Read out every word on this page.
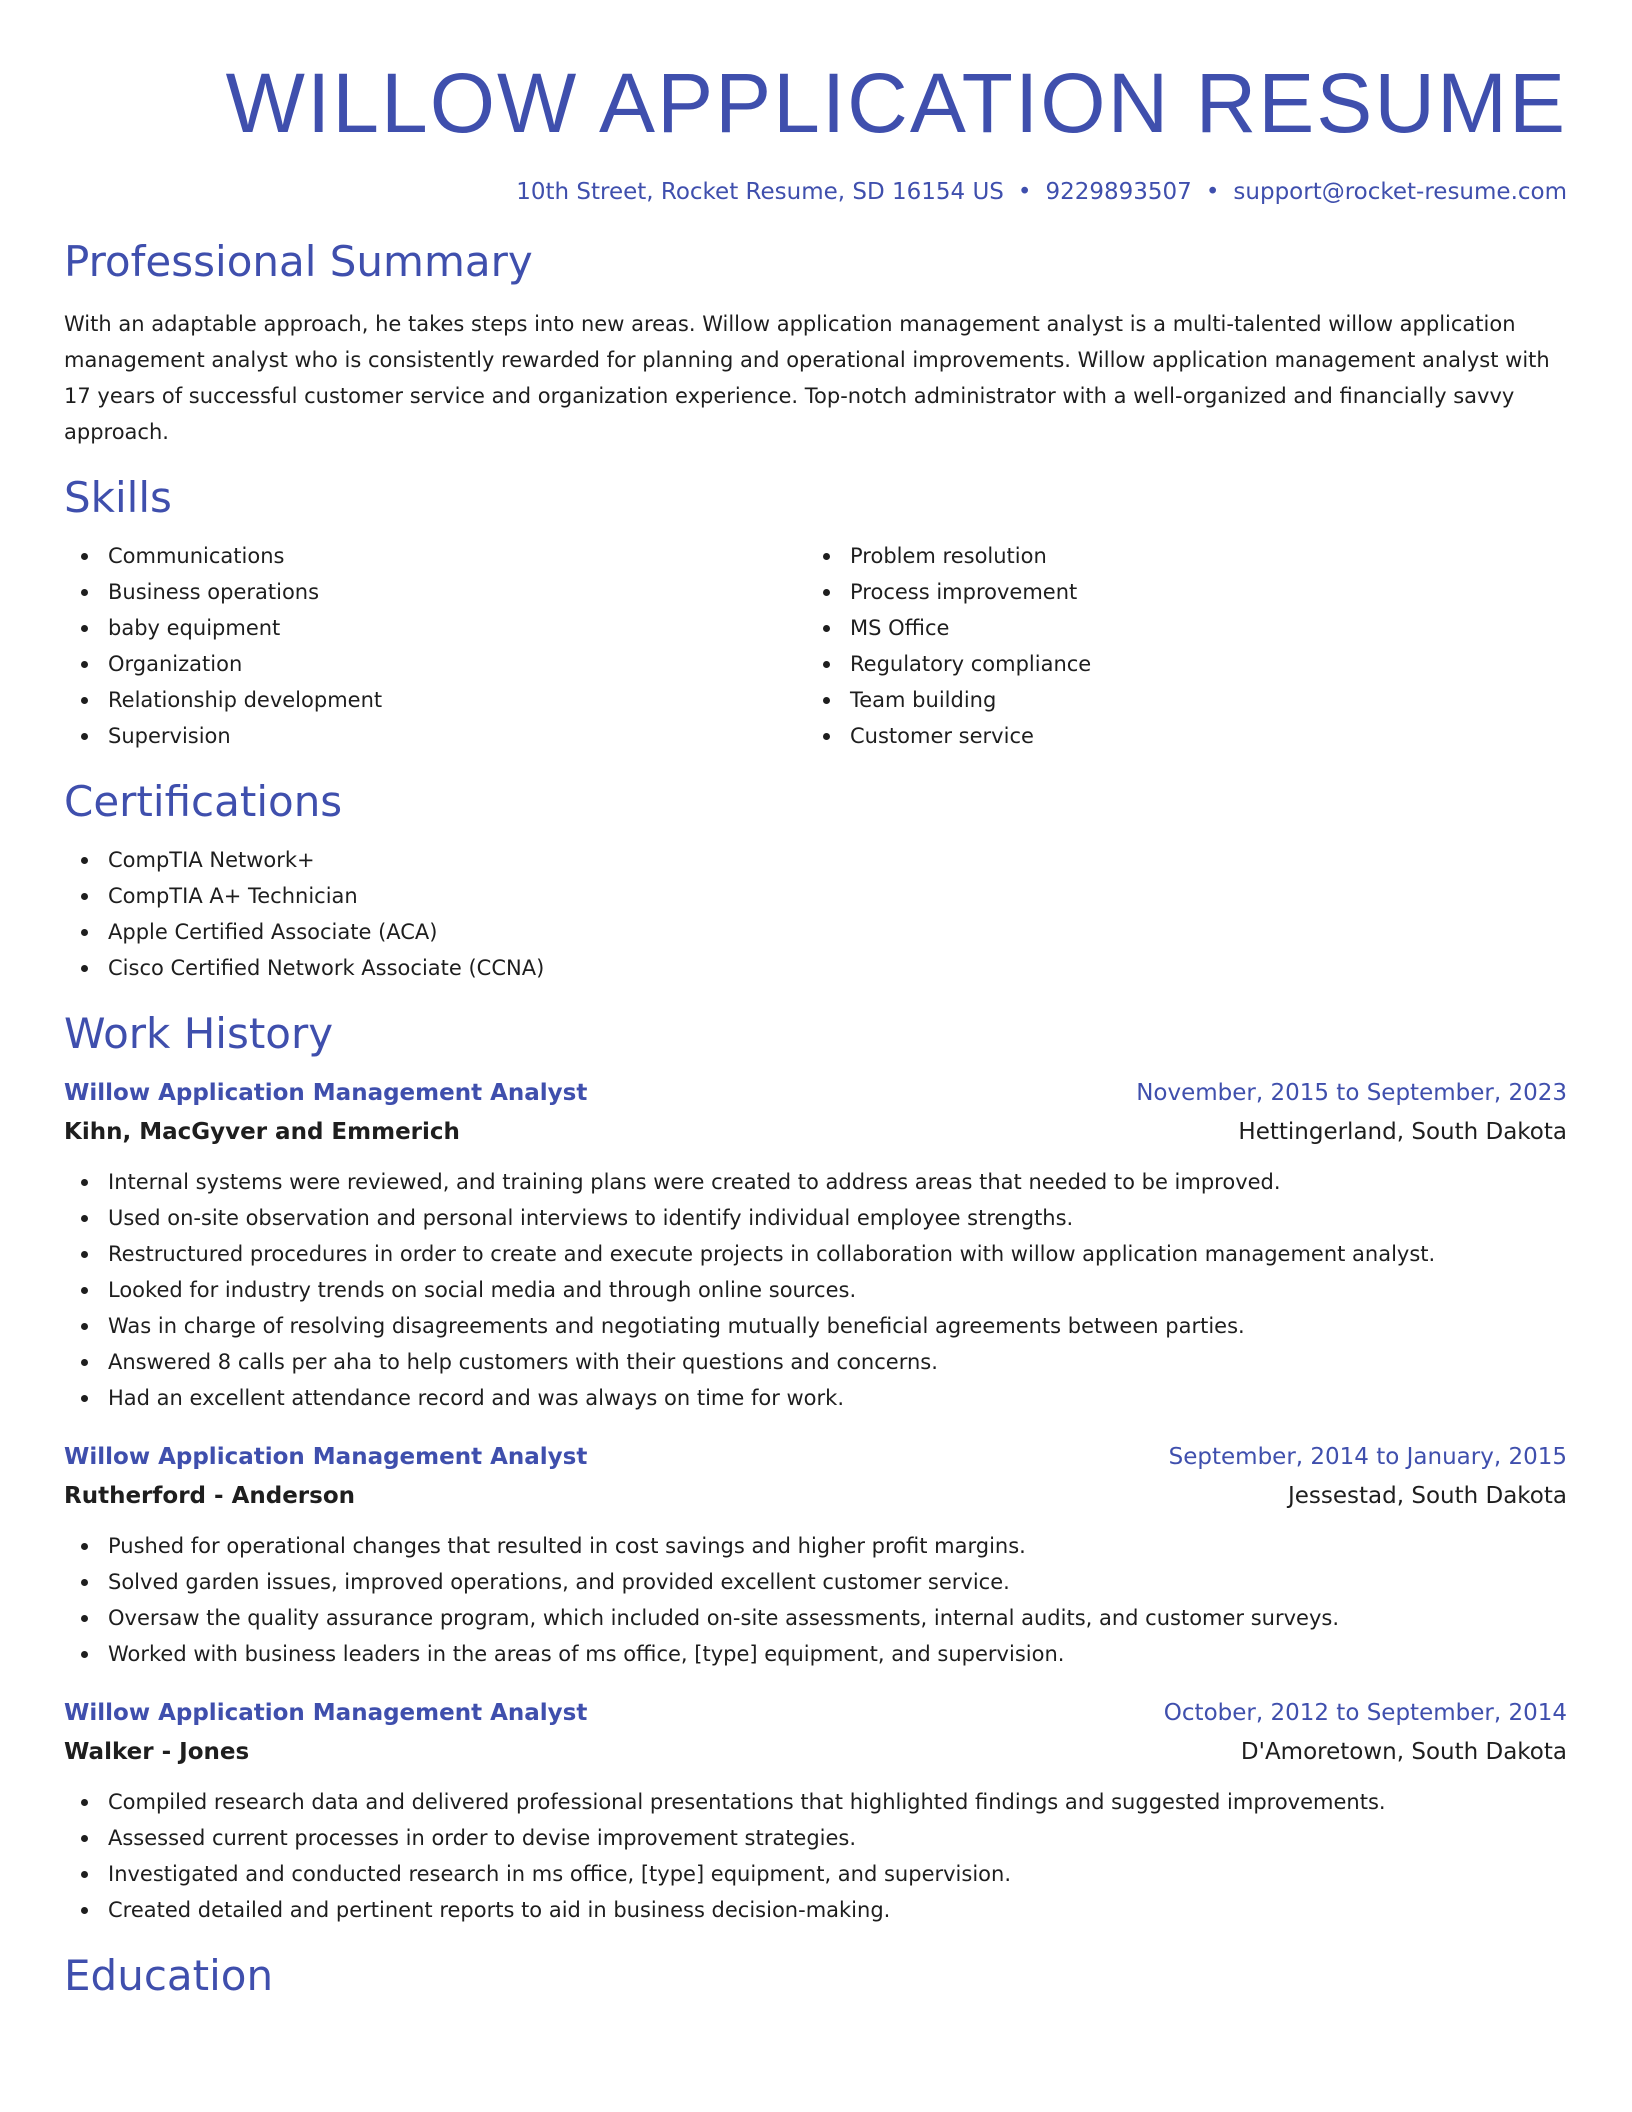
WILLOW APPLICATION RESUME
10th Street, Rocket Resume, SD 16154 US • 9229893507 • support@rocket-resume.com
Professional Summary

With an adaptable approach, he takes steps into new areas. Willow application management analyst is a multi-talented willow application management analyst who is consistently rewarded for planning and operational improvements. Willow application management analyst with 17 years of successful customer service and organization experience. Top-notch administrator with a well-organized and financially savvy approach.

Skills
Communications
Business operations
baby equipment
Organization
Relationship development
Supervision
Problem resolution
Process improvement
MS Office
Regulatory compliance
Team building
Customer service
Certifications
CompTIA Network+
CompTIA A+ Technician
Apple Certified Associate (ACA)
Cisco Certified Network Associate (CCNA)
Work History
Willow Application Management Analyst	November, 2015 to September, 2023
Kihn, MacGyver and Emmerich	Hettingerland, South Dakota
Internal systems were reviewed, and training plans were created to address areas that needed to be improved.
Used on-site observation and personal interviews to identify individual employee strengths.
Restructured procedures in order to create and execute projects in collaboration with willow application management analyst.
Looked for industry trends on social media and through online sources.
Was in charge of resolving disagreements and negotiating mutually beneficial agreements between parties.
Answered 8 calls per aha to help customers with their questions and concerns.
Had an excellent attendance record and was always on time for work.
Willow Application Management Analyst	September, 2014 to January, 2015
Rutherford - Anderson	Jessestad, South Dakota
Pushed for operational changes that resulted in cost savings and higher profit margins.
Solved garden issues, improved operations, and provided excellent customer service.
Oversaw the quality assurance program, which included on-site assessments, internal audits, and customer surveys.
Worked with business leaders in the areas of ms office, [type] equipment, and supervision.
Willow Application Management Analyst	October, 2012 to September, 2014
Walker - Jones	D'Amoretown, South Dakota
Compiled research data and delivered professional presentations that highlighted findings and suggested improvements.
Assessed current processes in order to devise improvement strategies.
Investigated and conducted research in ms office, [type] equipment, and supervision.
Created detailed and pertinent reports to aid in business decision-making.
Education
